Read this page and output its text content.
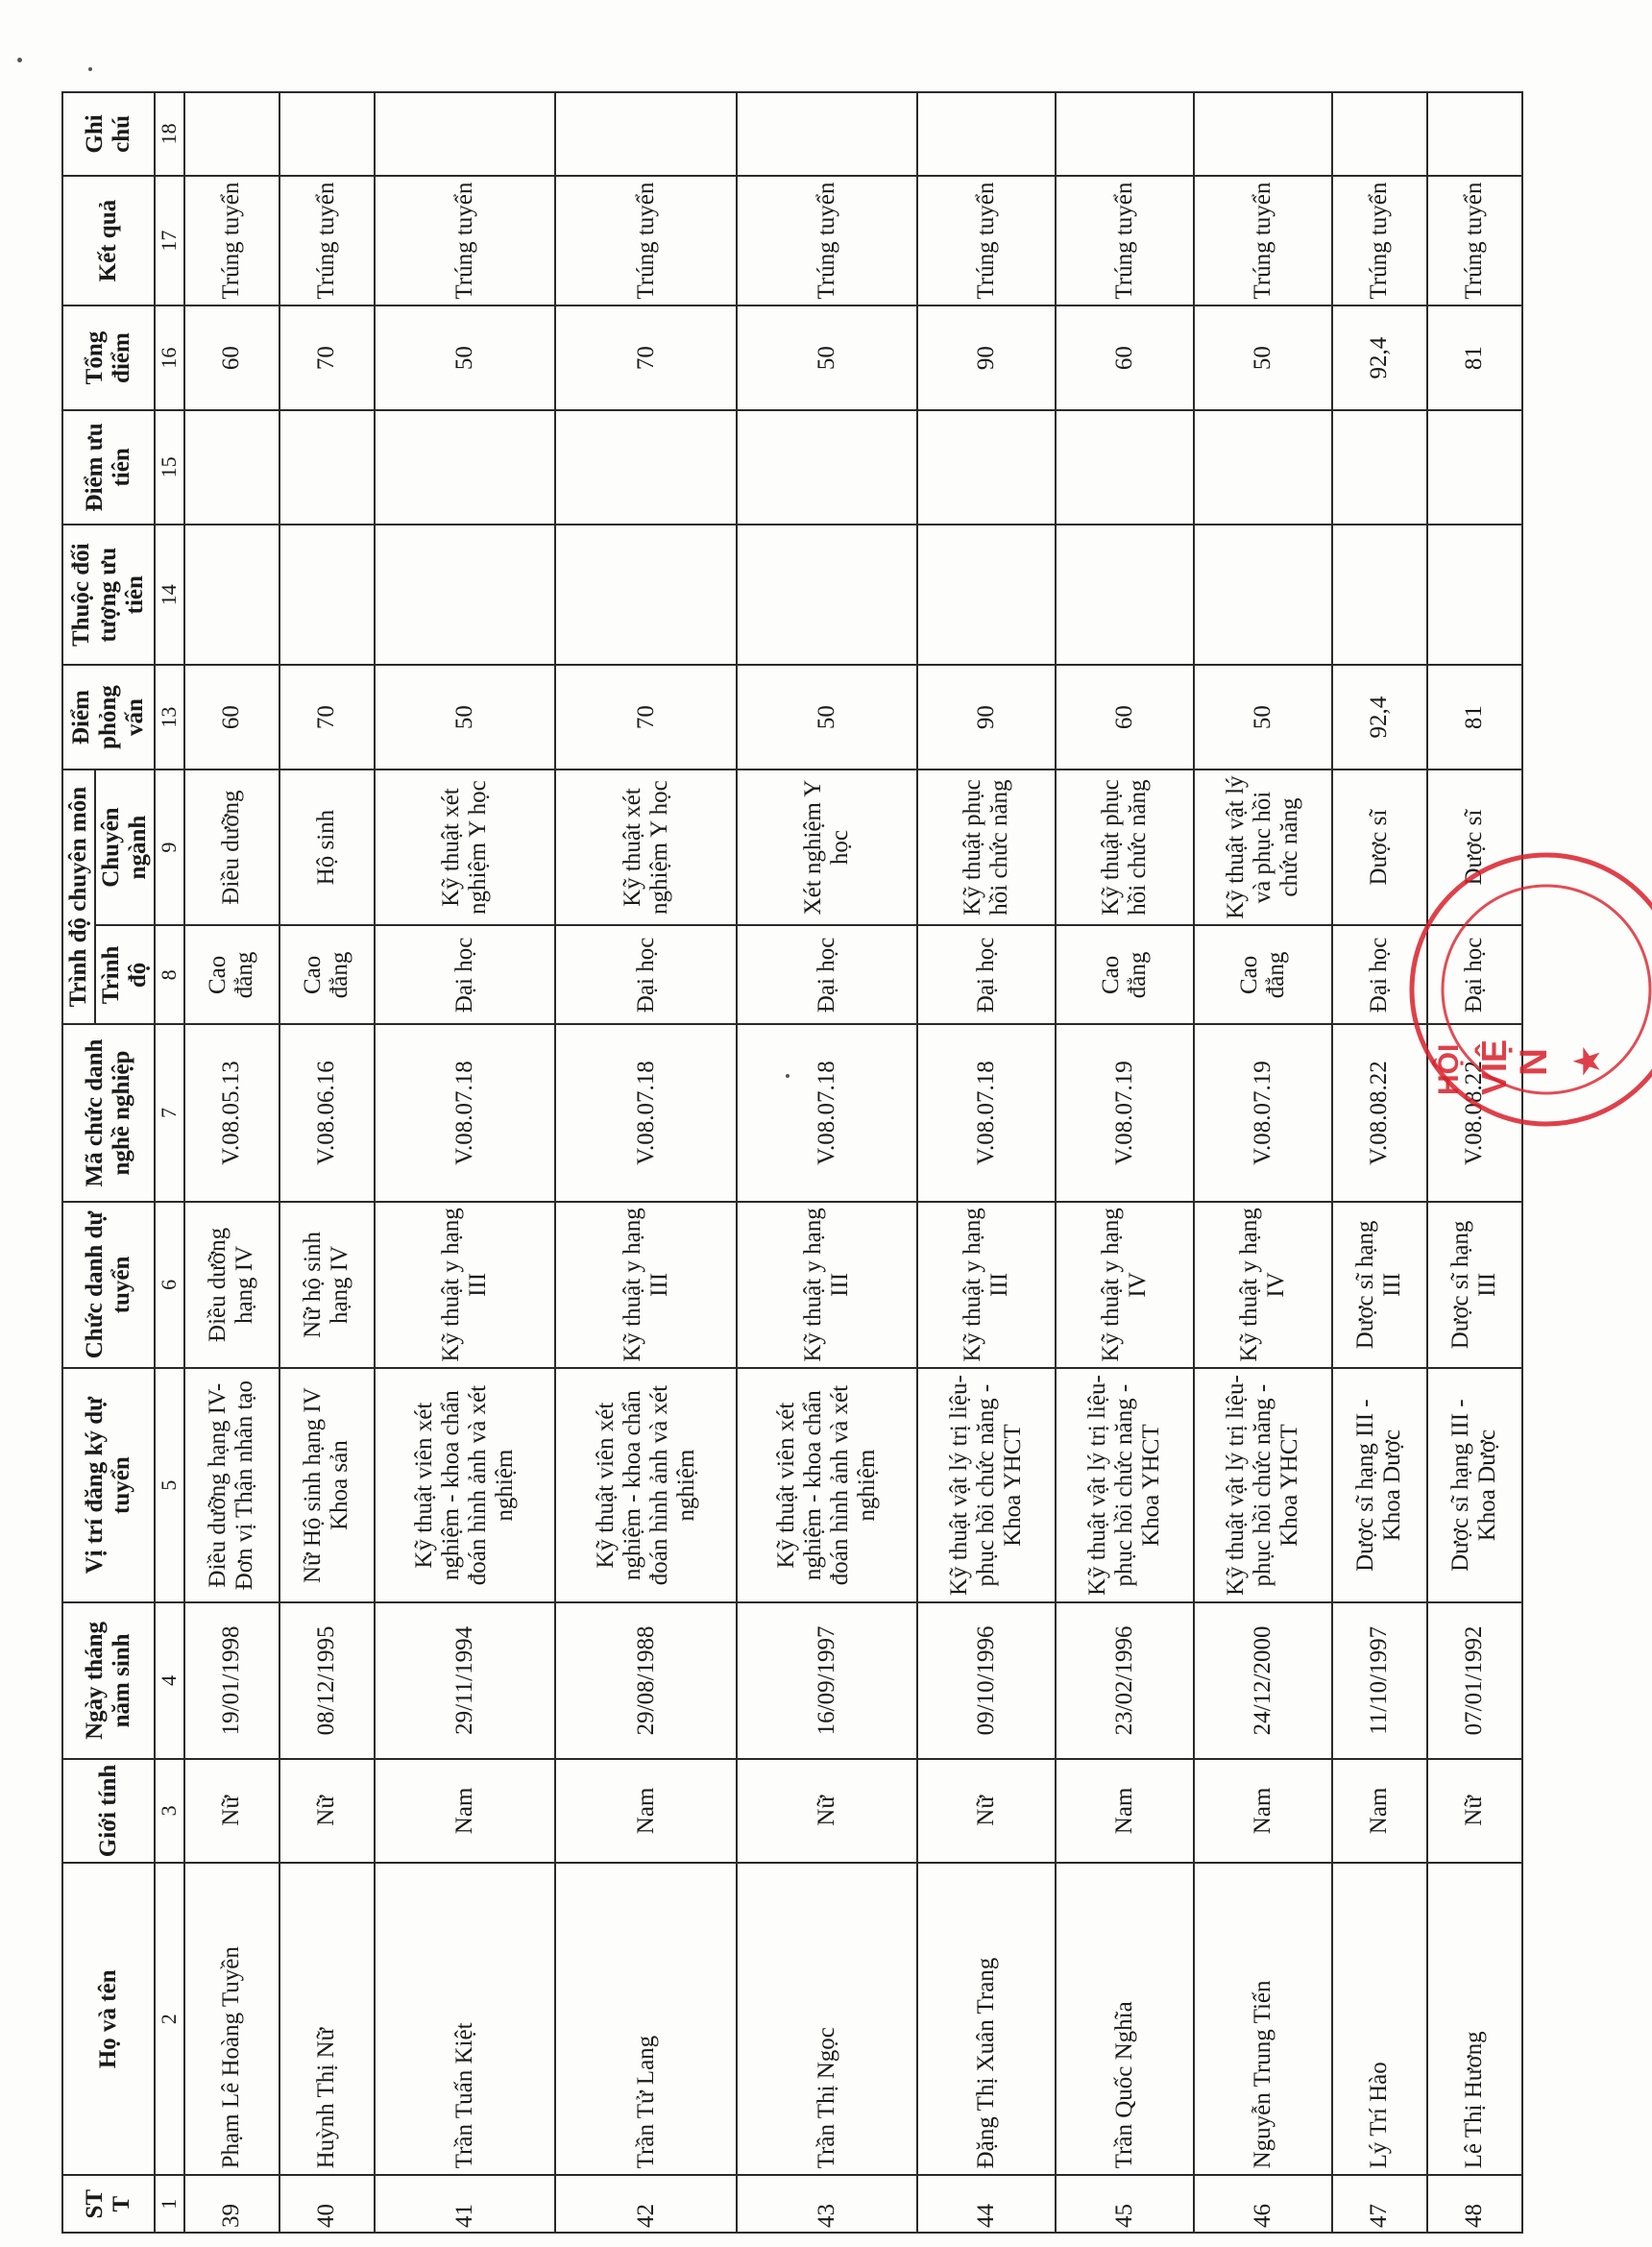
ST T	Họ và tên	Giới tính	Ngày tháng năm sinh	Vị trí đăng ký dự tuyển	Chức danh dự tuyển	Mã chức danh nghề nghiệp	Trình độ chuyên môn		Điểm phỏng vấn	Thuộc đối tượng ưu tiên	Điểm ưu tiên	Tổng điểm	Kết quả	Ghi chú
							Trình độ	Chuyên ngành						
1	2	3	4	5	6	7	8	9	13	14	15	16	17	18
39	Phạm Lê Hoàng Tuyền	Nữ	19/01/1998	Điều dưỡng hạng IV- Đơn vị Thận nhân tạo	Điều dưỡng hạng IV	V.08.05.13	Cao đẳng	Điều dưỡng	60			60	Trúng tuyển	
40	Huỳnh Thị Nữ	Nữ	08/12/1995	Nữ Hộ sinh hạng IV Khoa sản	Nữ hộ sinh hạng IV	V.08.06.16	Cao đẳng	Hộ sinh	70			70	Trúng tuyển	
41	Trần Tuấn Kiệt	Nam	29/11/1994	Kỹ thuật viên xét nghiệm - khoa chẩn đoán hình ảnh và xét nghiệm	Kỹ thuật y hạng III	V.08.07.18	Đại học	Kỹ thuật xét nghiệm Y học	50			50	Trúng tuyển	
42	Trần Tử Lang	Nam	29/08/1988	Kỹ thuật viên xét nghiệm - khoa chẩn đoán hình ảnh và xét nghiệm	Kỹ thuật y hạng III	V.08.07.18	Đại học	Kỹ thuật xét nghiệm Y học	70			70	Trúng tuyển	
43	Trần Thị Ngọc	Nữ	16/09/1997	Kỹ thuật viên xét nghiệm - khoa chẩn đoán hình ảnh và xét nghiệm	Kỹ thuật y hạng III	V.08.07.18	Đại học	Xét nghiệm Y học	50			50	Trúng tuyển	
44	Đặng Thị Xuân Trang	Nữ	09/10/1996	Kỹ thuật vật lý trị liệu- phục hồi chức năng - Khoa YHCT	Kỹ thuật y hạng III	V.08.07.18	Đại học	Kỹ thuật phục hồi chức năng	90			90	Trúng tuyển	
45	Trần Quốc Nghĩa	Nam	23/02/1996	Kỹ thuật vật lý trị liệu- phục hồi chức năng - Khoa YHCT	Kỹ thuật y hạng IV	V.08.07.19	Cao đẳng	Kỹ thuật phục hồi chức năng	60			60	Trúng tuyển	
46	Nguyễn Trung Tiến	Nam	24/12/2000	Kỹ thuật vật lý trị liệu- phục hồi chức năng - Khoa YHCT	Kỹ thuật y hạng IV	V.08.07.19	Cao đẳng	Kỹ thuật vật lý và phục hồi chức năng	50			50	Trúng tuyển	
47	Lý Trí Hào	Nam	11/10/1997	Dược sĩ hạng III - Khoa Dược	Dược sĩ hạng III	V.08.08.22	Đại học	Dược sĩ	92,4			92,4	Trúng tuyển	
48	Lê Thị Hương	Nữ	07/01/1992	Dược sĩ hạng III - Khoa Dược	Dược sĩ hạng III	V.08.08.22	Đại học	Dược sĩ	81			81	Trúng tuyển	
HỘI VIỆ N ★
